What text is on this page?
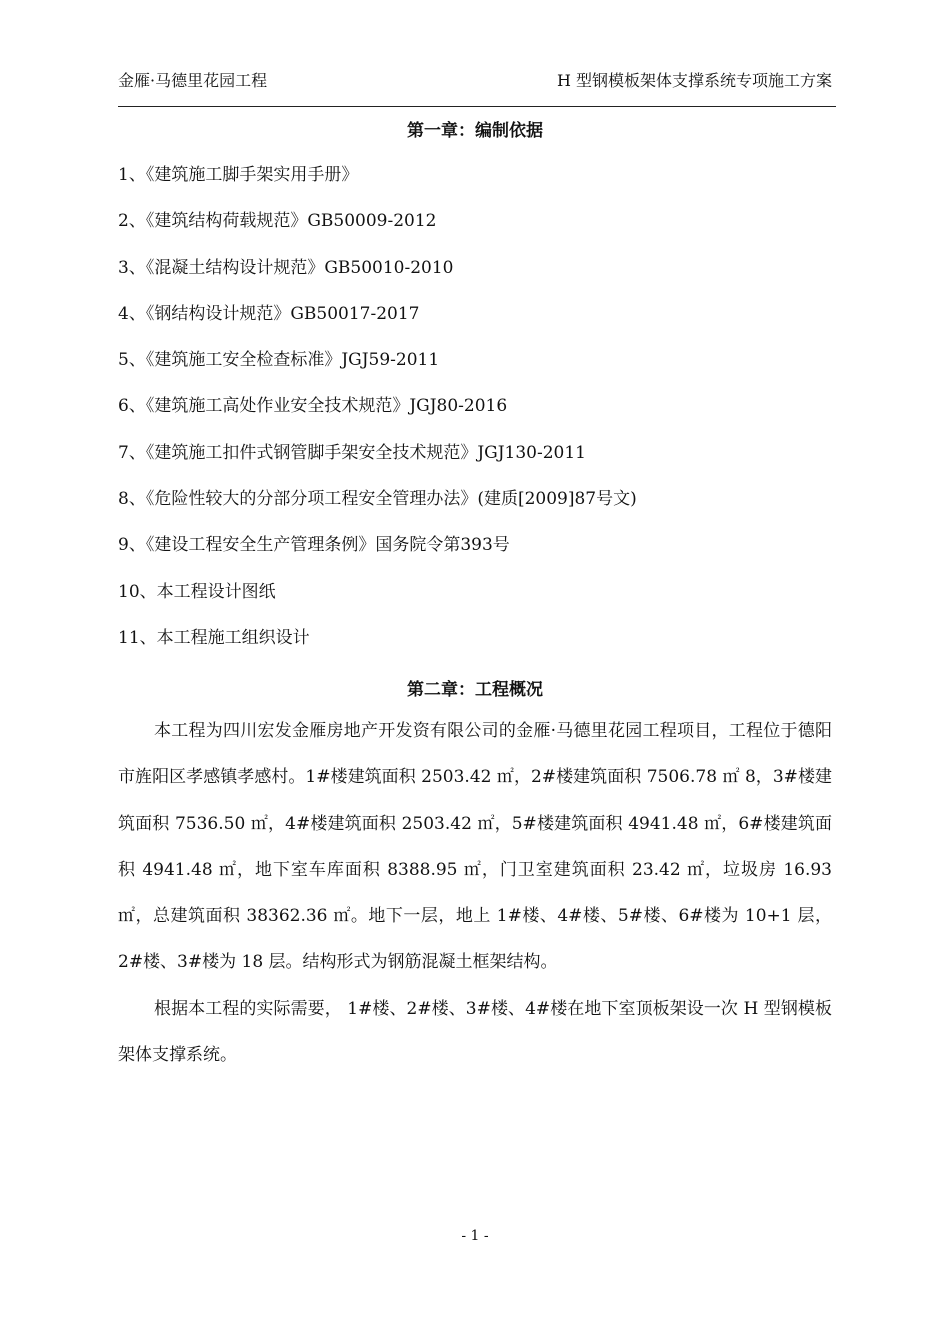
金雁·马德里花园工程	H 型钢模板架体支撑系统专项施工方案
第一章：编制依据
1、《建筑施工脚手架实用手册》
2、《建筑结构荷载规范》GB50009-2012
3、《混凝土结构设计规范》GB50010-2010
4、《钢结构设计规范》GB50017-2017
5、《建筑施工安全检查标准》JGJ59-2011
6、《建筑施工高处作业安全技术规范》JGJ80-2016
7、《建筑施工扣件式钢管脚手架安全技术规范》JGJ130-2011
8、《危险性较大的分部分项工程安全管理办法》(建质[2009]87号文)
9、《建设工程安全生产管理条例》国务院令第393号
10、本工程设计图纸
11、本工程施工组织设计
第二章：工程概况

本工程为四川宏发金雁房地产开发资有限公司的金雁·马德里花园工程项目，工程位于德阳市旌阳区孝感镇孝感村。1#楼建筑面积 2503.42 ㎡，2#楼建筑面积 7506.78 ㎡ 8，3#楼建筑面积 7536.50 ㎡，4#楼建筑面积 2503.42 ㎡，5#楼建筑面积 4941.48 ㎡，6#楼建筑面积 4941.48 ㎡，地下室车库面积 8388.95 ㎡，门卫室建筑面积 23.42 ㎡，垃圾房 16.93 ㎡，总建筑面积 38362.36 ㎡。地下一层，地上 1#楼、4#楼、5#楼、6#楼为 10+1 层，2#楼、3#楼为 18 层。结构形式为钢筋混凝土框架结构。

根据本工程的实际需要， 1#楼、2#楼、3#楼、4#楼在地下室顶板架设一次 H 型钢模板架体支撑系统。

- 1 -
